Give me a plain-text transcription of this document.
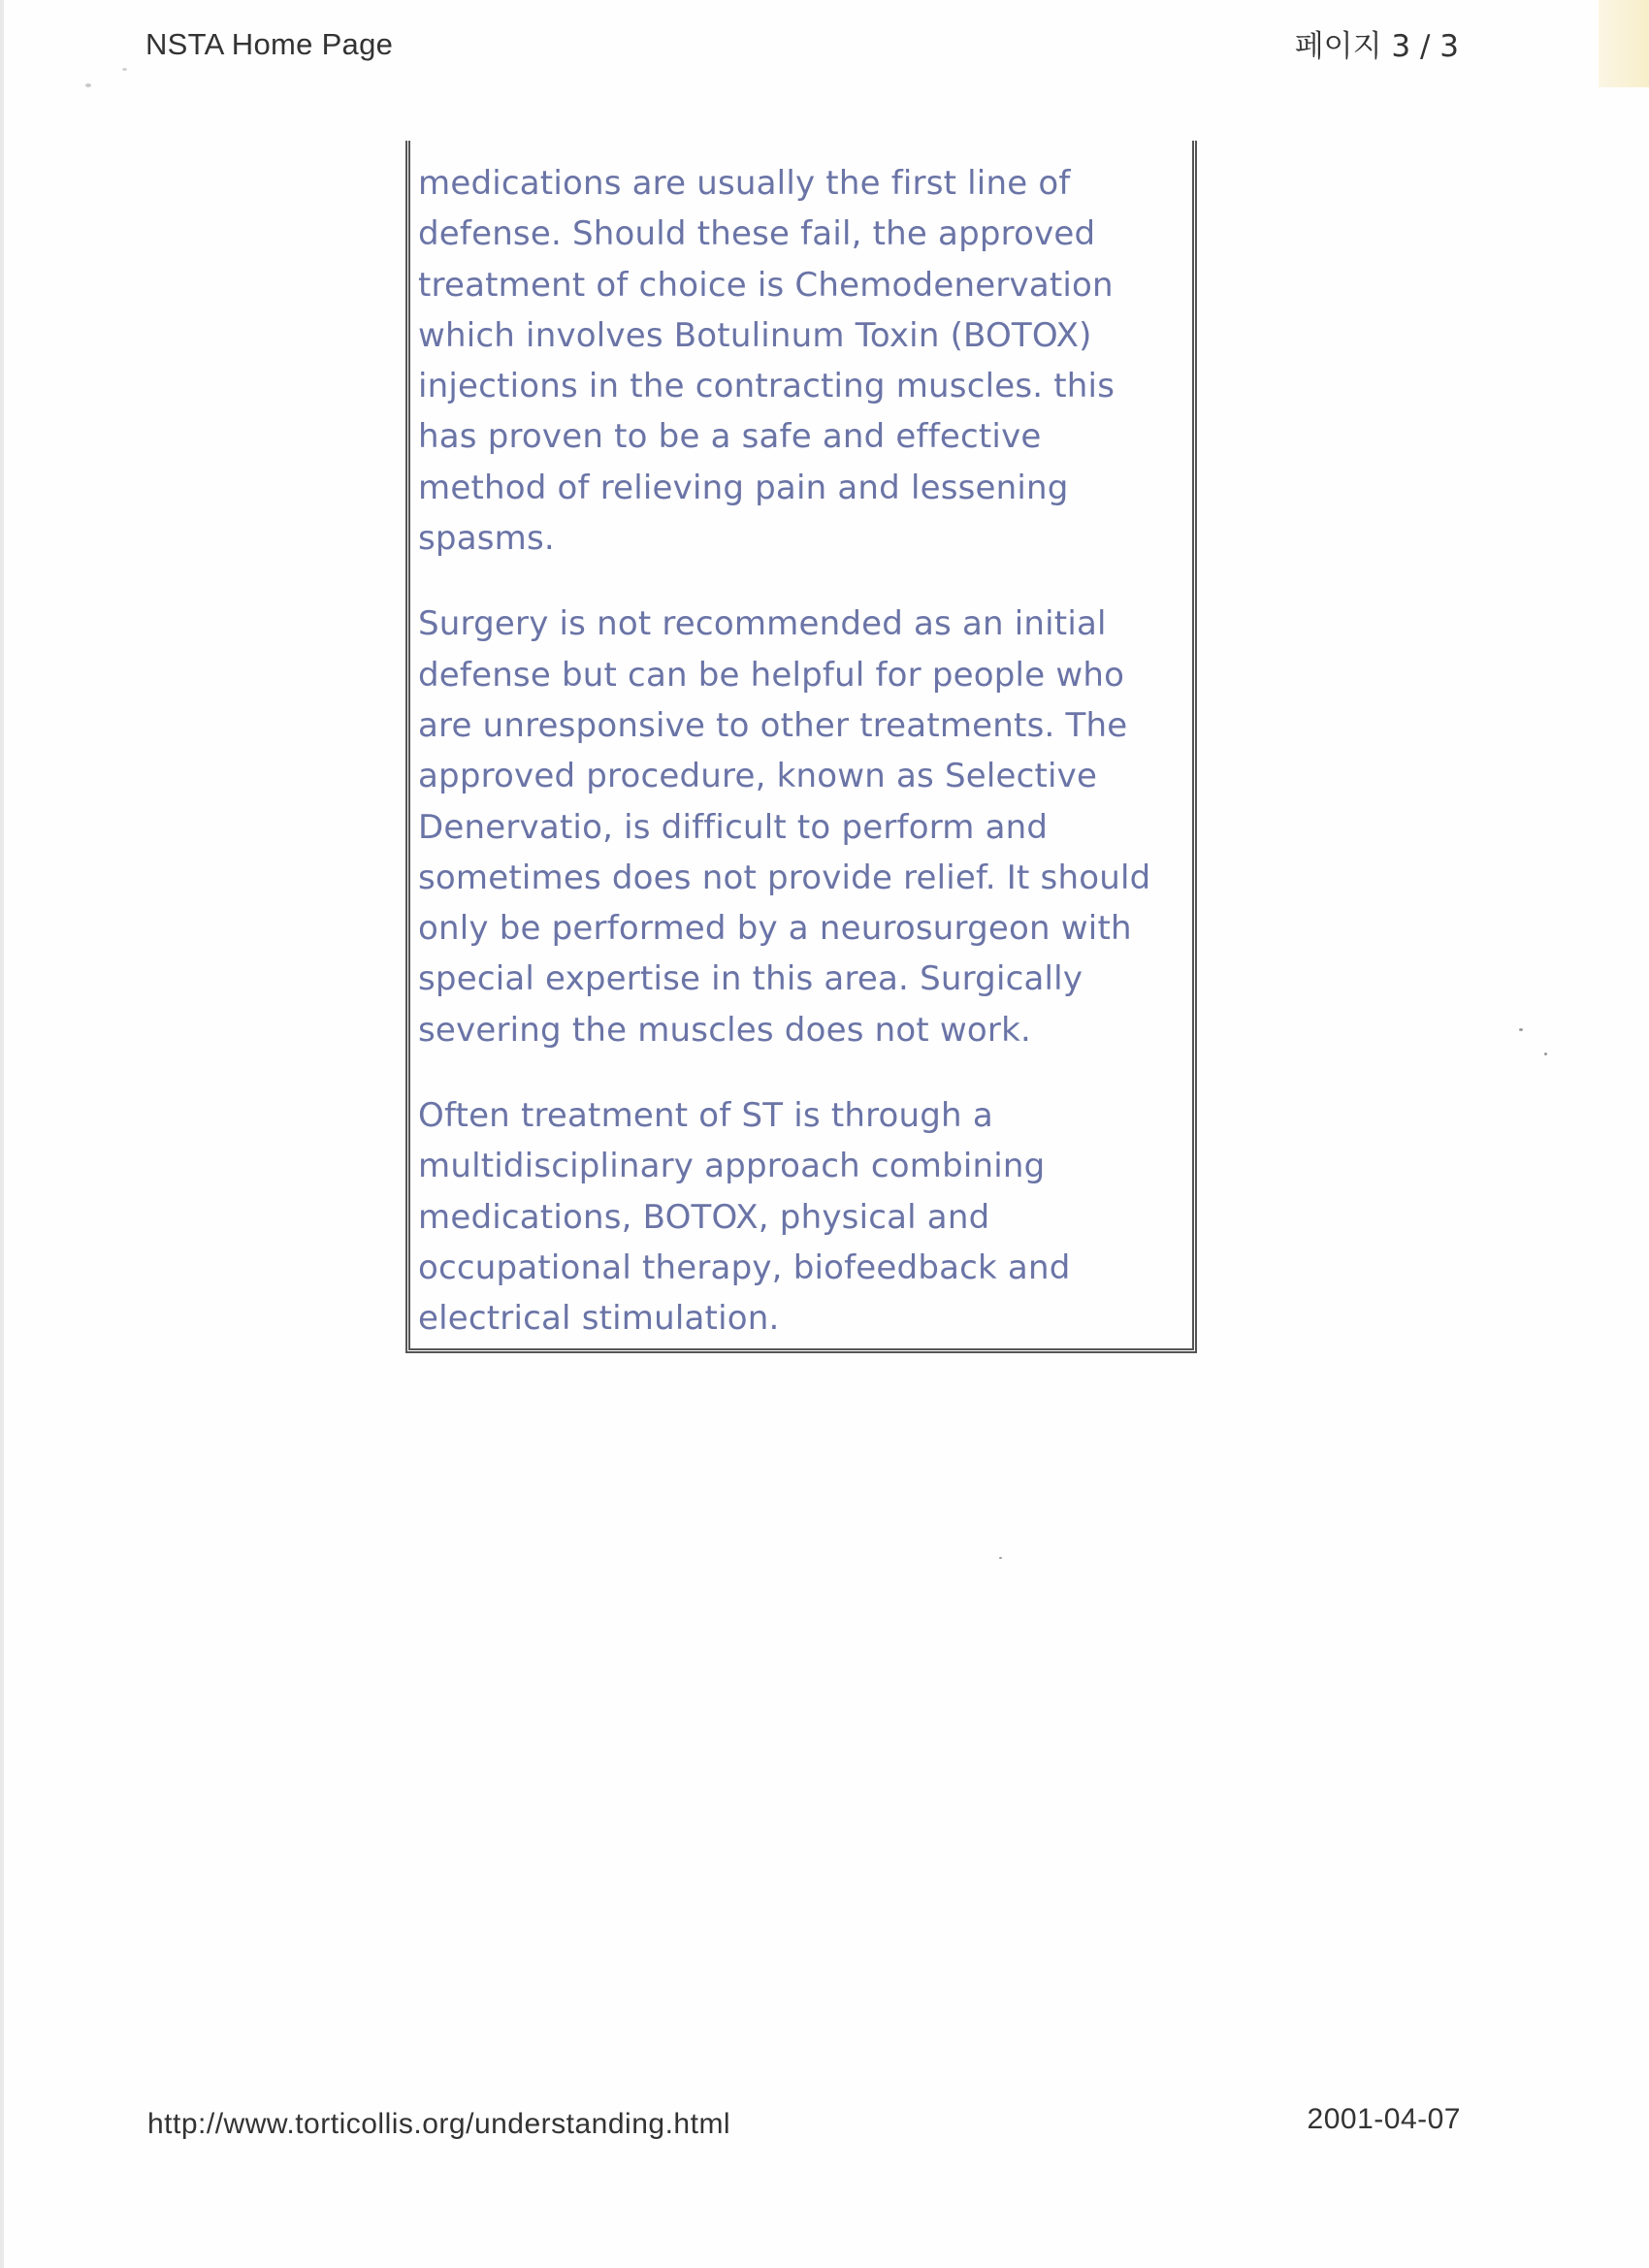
NSTA Home Page	페이지 3 / 3

medications are usually the first line of
defense. Should these fail, the approved
treatment of choice is Chemodenervation
which involves Botulinum Toxin (BOTOX)
injections in the contracting muscles. this
has proven to be a safe and effective
method of relieving pain and lessening
spasms.

Surgery is not recommended as an initial
defense but can be helpful for people who
are unresponsive to other treatments. The
approved procedure, known as Selective
Denervatio, is difficult to perform and
sometimes does not provide relief. It should
only be performed by a neurosurgeon with
special expertise in this area. Surgically
severing the muscles does not work.

Often treatment of ST is through a
multidisciplinary approach combining
medications, BOTOX, physical and
occupational therapy, biofeedback and
electrical stimulation.

http://www.torticollis.org/understanding.html	2001-04-07
